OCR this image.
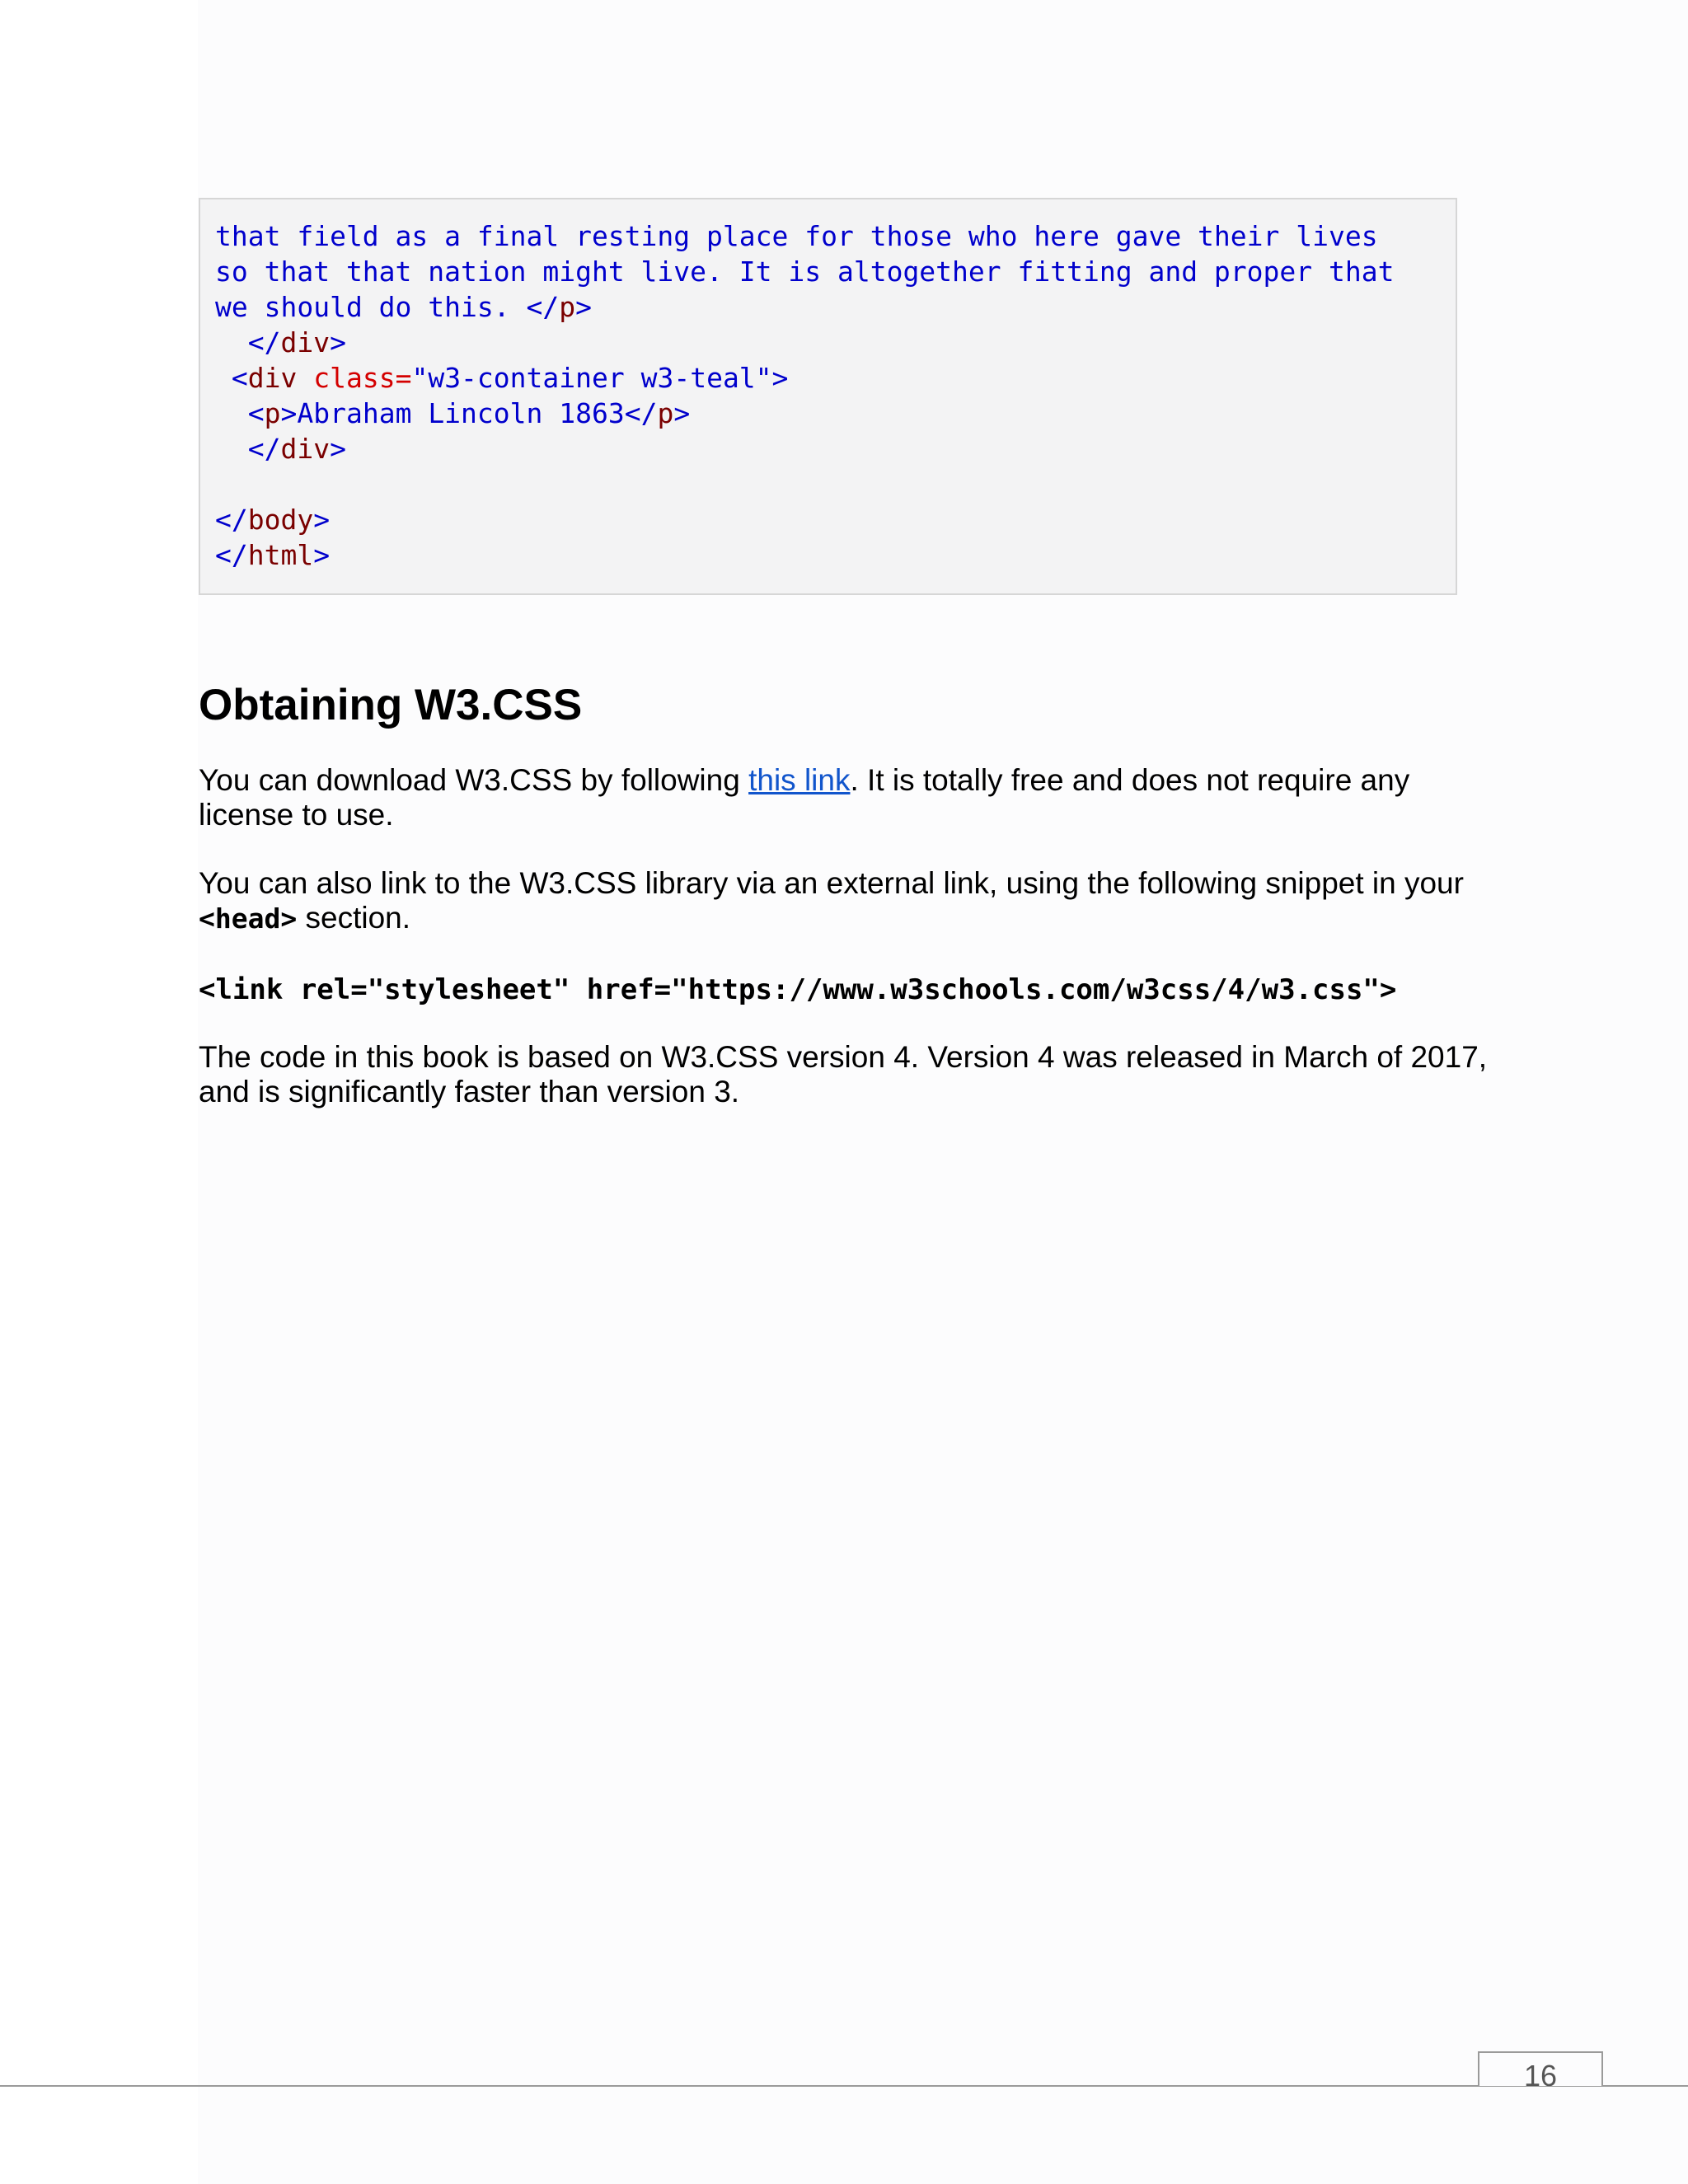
that field as a final resting place for those who here gave their lives
so that that nation might live. It is altogether fitting and proper that
we should do this. </p>
</div>
<div class="w3-container w3-teal">
<p>Abraham Lincoln 1863</p>
</div>
</body>
</html>
Obtaining W3.CSS

You can download W3.CSS by following this link. It is totally free and does not require any license to use.

You can also link to the W3.CSS library via an external link, using the following snippet in your <head> section.

<link rel="stylesheet" href="https://www.w3schools.com/w3css/4/w3.css">

The code in this book is based on W3.CSS version 4. Version 4 was released in March of 2017, and is significantly faster than version 3.

16
